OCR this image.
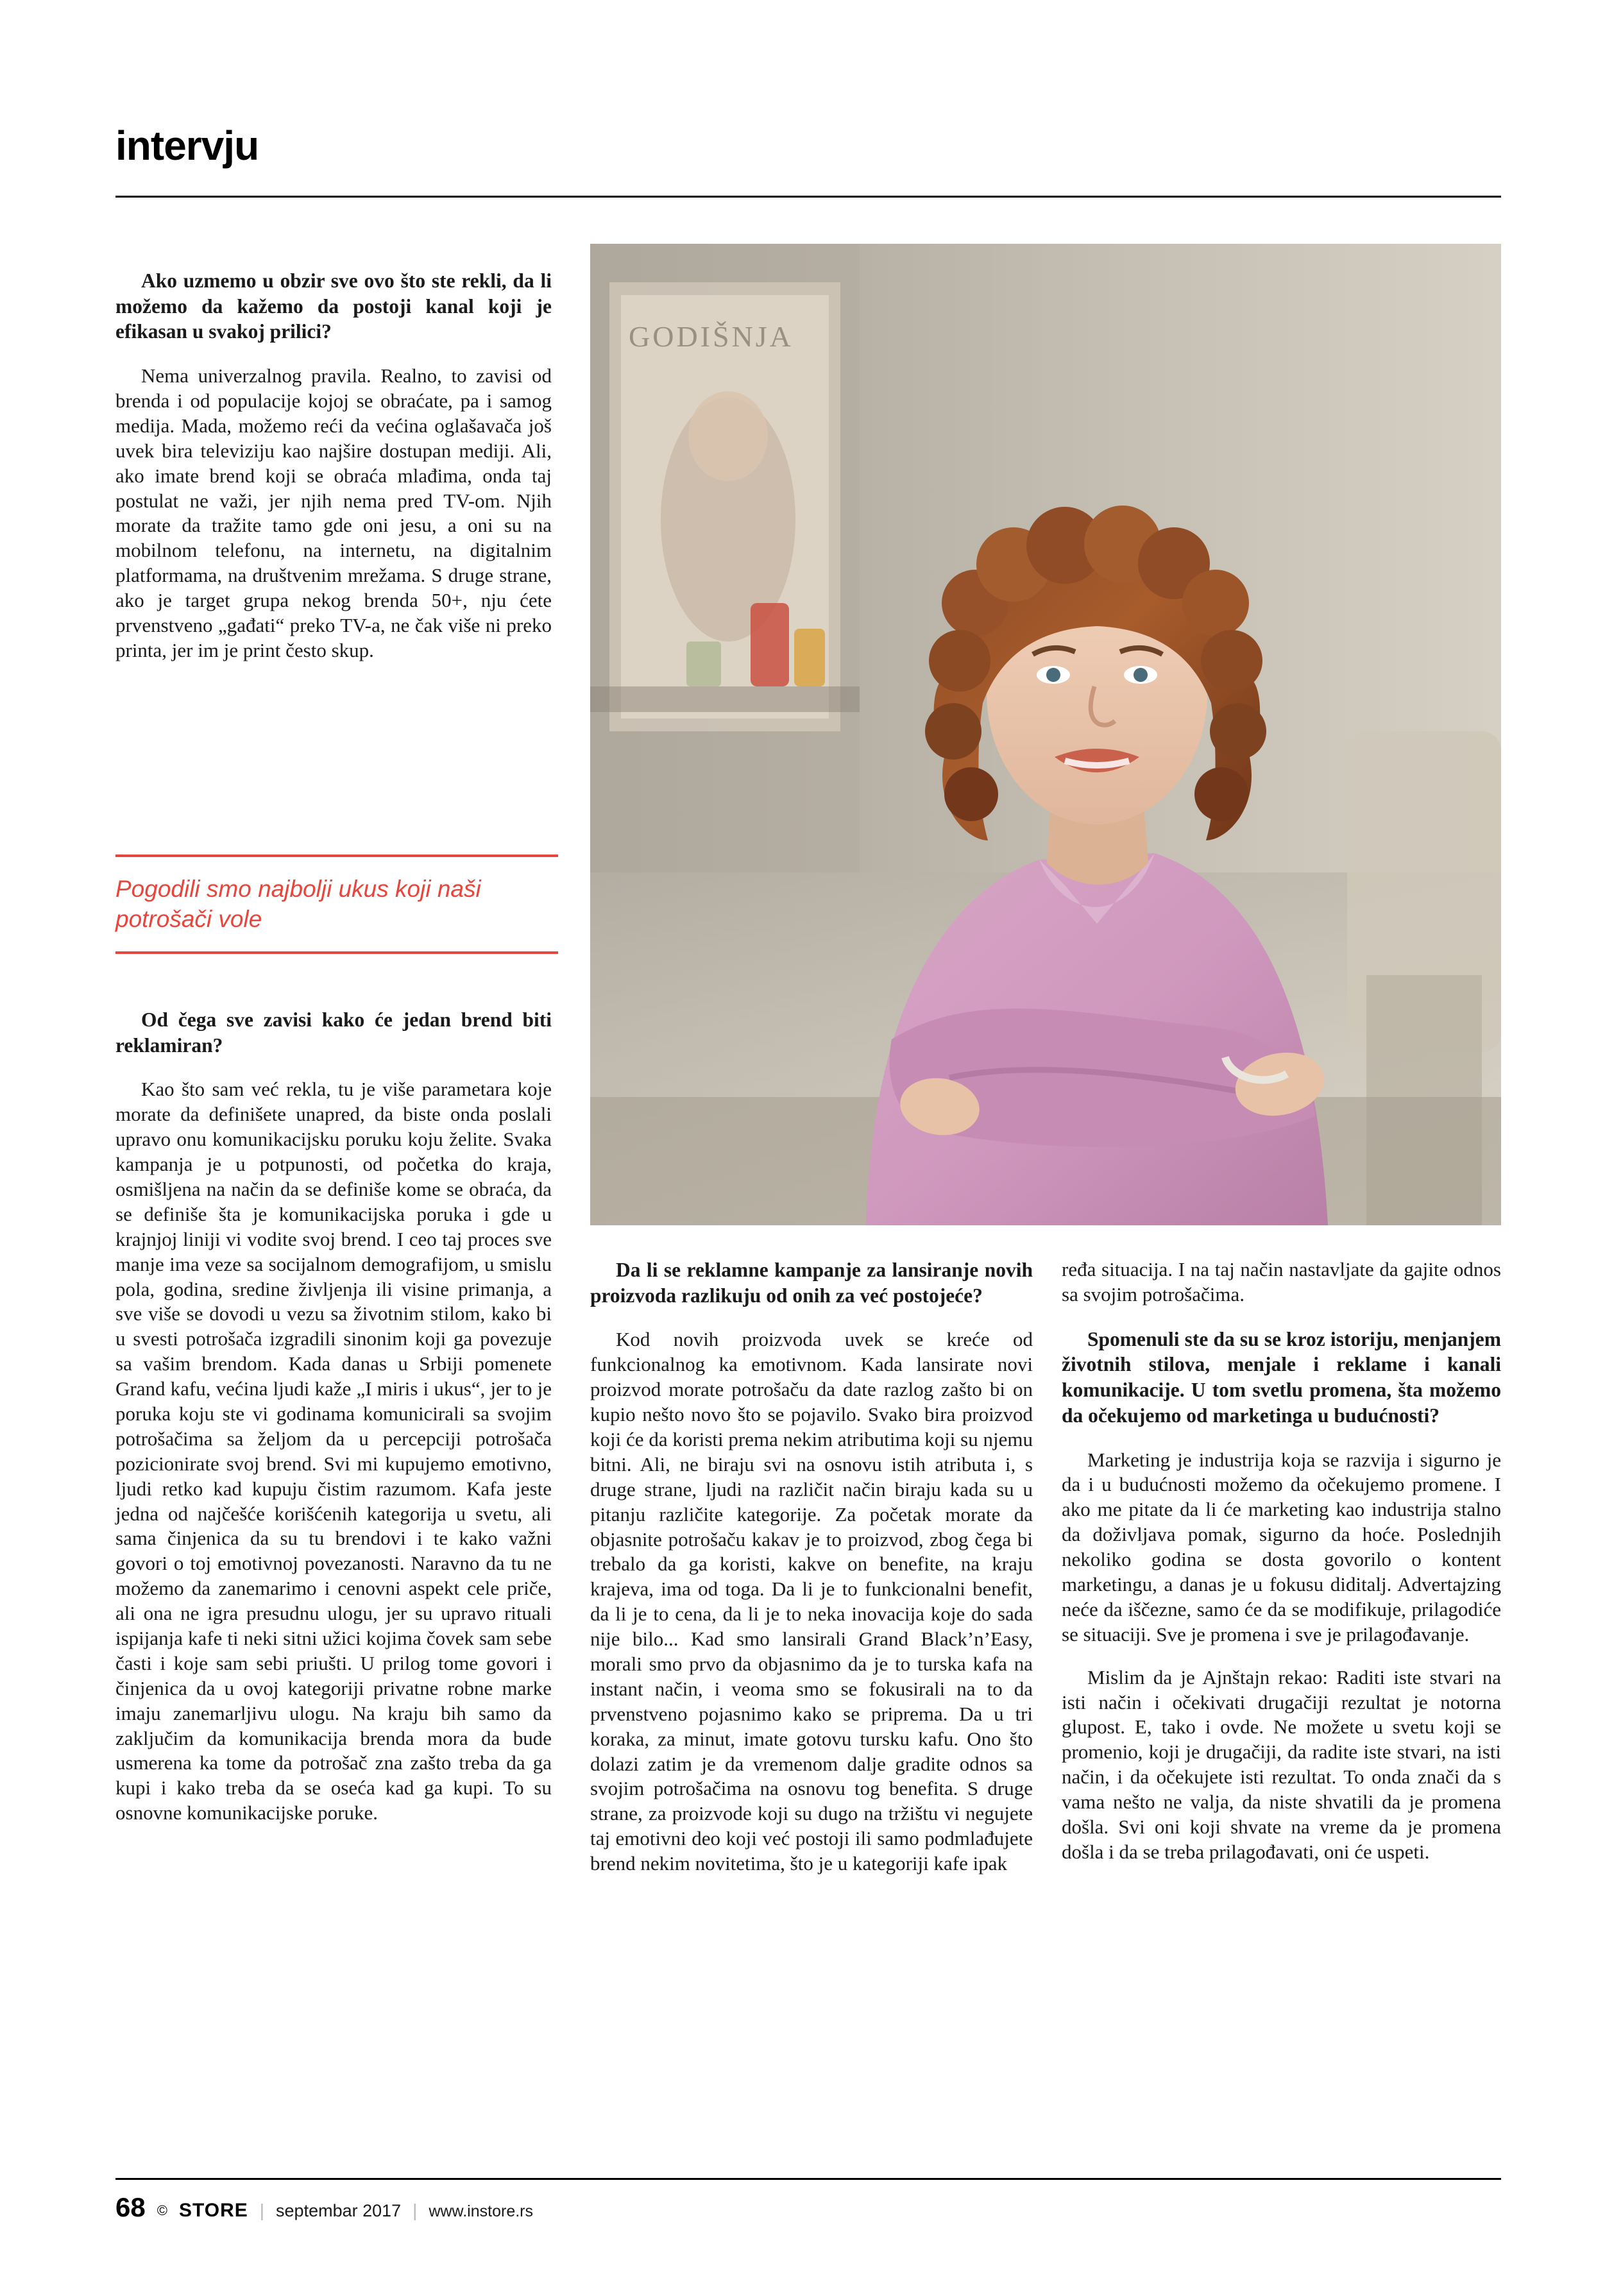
intervju

Ako uzmemo u obzir sve ovo što ste rekli, da li možemo da kažemo da postoji kanal koji je efikasan u svakoj prilici?

Nema univerzalnog pravila. Realno, to zavisi od brenda i od populacije kojoj se obraćate, pa i samog medija. Mada, možemo reći da većina oglašavača još uvek bira televiziju kao najšire dostupan mediji. Ali, ako imate brend koji se obraća mlađima, onda taj postulat ne važi, jer njih nema pred TV-om. Njih morate da tražite tamo gde oni jesu, a oni su na mobilnom telefonu, na internetu, na digitalnim platformama, na društvenim mrežama. S druge strane, ako je target grupa nekog brenda 50+, nju ćete prvenstveno „gađati“ preko TV-a, ne čak više ni preko printa, jer im je print često skup.

Pogodili smo najbolji ukus koji naši potrošači vole

Od čega sve zavisi kako će jedan brend biti reklamiran?

Kao što sam već rekla, tu je više parametara koje morate da definišete unapred, da biste onda poslali upravo onu komunikacijsku poruku koju želite. Svaka kampanja je u potpunosti, od početka do kraja, osmišljena na način da se definiše kome se obraća, da se definiše šta je komunikacijska poruka i gde u krajnjoj liniji vi vodite svoj brend. I ceo taj proces sve manje ima veze sa socijalnom demografijom, u smislu pola, godina, sredine življenja ili visine primanja, a sve više se dovodi u vezu sa životnim stilom, kako bi u svesti potrošača izgradili sinonim koji ga povezuje sa vašim brendom. Kada danas u Srbiji pomenete Grand kafu, većina ljudi kaže „I miris i ukus“, jer to je poruka koju ste vi godinama komunicirali sa svojim potrošačima sa željom da u percepciji potrošača pozicionirate svoj brend. Svi mi kupujemo emotivno, ljudi retko kad kupuju čistim razumom. Kafa jeste jedna od najčešće korišćenih kategorija u svetu, ali sama činjenica da su tu brendovi i te kako važni govori o toj emotivnoj povezanosti. Naravno da tu ne možemo da zanemarimo i cenovni aspekt cele priče, ali ona ne igra presudnu ulogu, jer su upravo rituali ispijanja kafe ti neki sitni užici kojima čovek sam sebe časti i koje sam sebi priušti. U prilog tome govori i činjenica da u ovoj kategoriji privatne robne marke imaju zanemarljivu ulogu. Na kraju bih samo da zaključim da komunikacija brenda mora da bude usmerena ka tome da potrošač zna zašto treba da ga kupi i kako treba da se oseća kad ga kupi. To su osnovne komunikacijske poruke.

GODIŠNJA

Da li se reklamne kampanje za lansiranje novih proizvoda razlikuju od onih za već postojeće?

Kod novih proizvoda uvek se kreće od funkcionalnog ka emotivnom. Kada lansirate novi proizvod morate potrošaču da date razlog zašto bi on kupio nešto novo što se pojavilo. Svako bira proizvod koji će da koristi prema nekim atributima koji su njemu bitni. Ali, ne biraju svi na osnovu istih atributa i, s druge strane, ljudi na različit način biraju kada su u pitanju različite kategorije. Za početak morate da objasnite potrošaču kakav je to proizvod, zbog čega bi trebalo da ga koristi, kakve on benefite, na kraju krajeva, ima od toga. Da li je to funkcionalni benefit, da li je to cena, da li je to neka inovacija koje do sada nije bilo... Kad smo lansirali Grand Black’n’Easy, morali smo prvo da objasnimo da je to turska kafa na instant način, i veoma smo se fokusirali na to da prvenstveno pojasnimo kako se priprema. Da u tri koraka, za minut, imate gotovu tursku kafu. Ono što dolazi zatim je da vremenom dalje gradite odnos sa svojim potrošačima na osnovu tog benefita. S druge strane, za proizvode koji su dugo na tržištu vi negujete taj emotivni deo koji već postoji ili samo podmlađujete brend nekim novitetima, što je u kategoriji kafe ipak

ređa situacija. I na taj način nastavljate da gajite odnos sa svojim potrošačima.

Spomenuli ste da su se kroz istoriju, menjanjem životnih stilova, menjale i reklame i kanali komunikacije. U tom svetlu promena, šta možemo da očekujemo od marketinga u budućnosti?

Marketing je industrija koja se razvija i sigurno je da i u budućnosti možemo da očekujemo promene. I ako me pitate da li će marketing kao industrija stalno da doživljava pomak, sigurno da hoće. Poslednjih nekoliko godina se dosta govorilo o kontent marketingu, a danas je u fokusu diditalj. Advertajzing neće da iščezne, samo će da se modifikuje, prilagodiće se situaciji. Sve je promena i sve je prilagođavanje.

Mislim da je Ajnštajn rekao: Raditi iste stvari na isti način i očekivati drugačiji rezultat je notorna glupost. E, tako i ovde. Ne možete u svetu koji se promenio, koji je drugačiji, da radite iste stvari, na isti način, i da očekujete isti rezultat. To onda znači da s vama nešto ne valja, da niste shvatili da je promena došla. Svi oni koji shvate na vreme da je promena došla i da se treba prilagođavati, oni će uspeti.

68 © STORE | septembar 2017 | www.instore.rs
